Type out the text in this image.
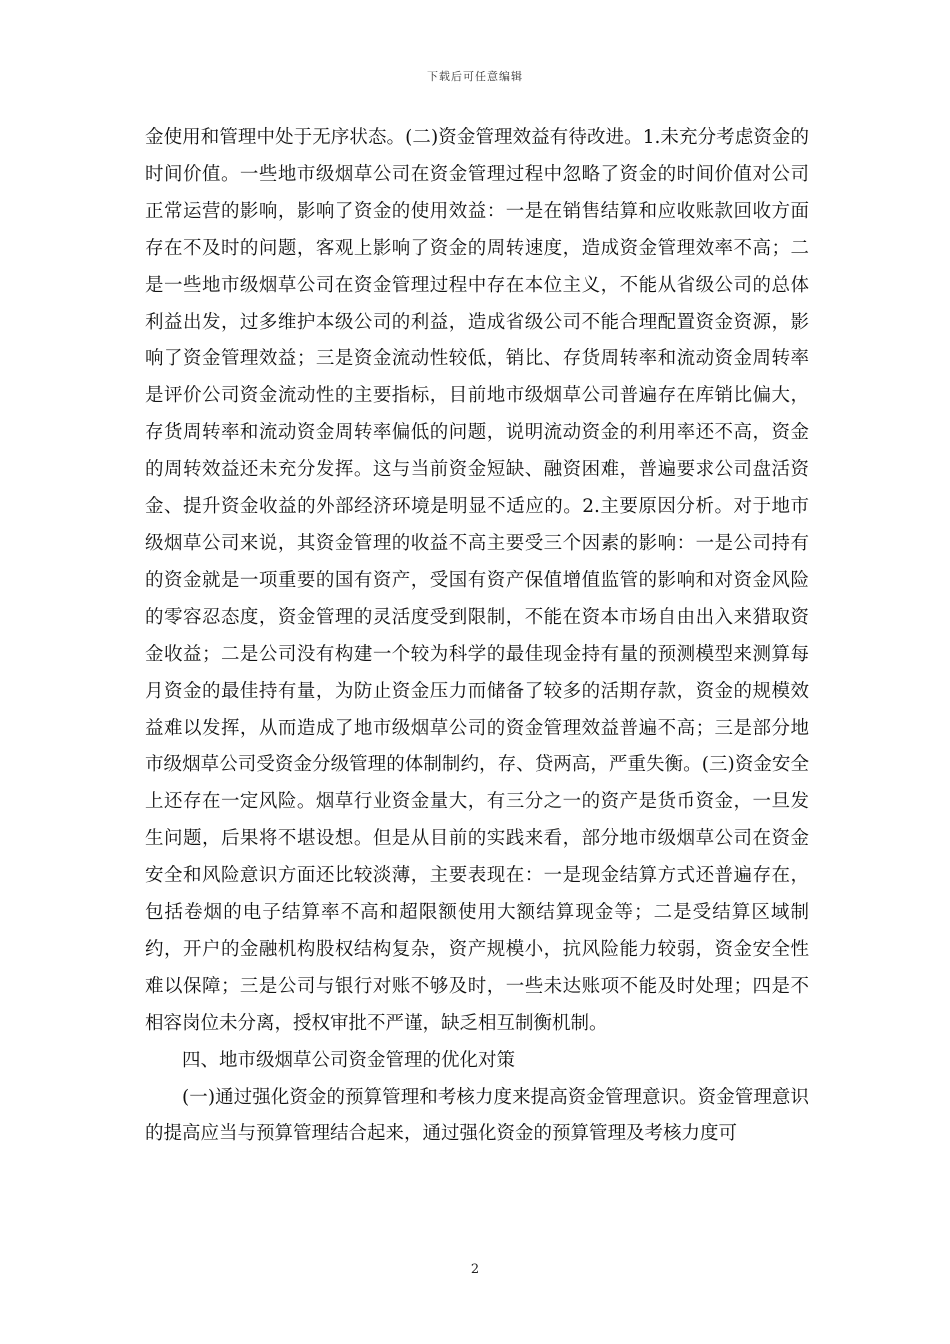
下载后可任意编辑

金使用和管理中处于无序状态。(二)资金管理效益有待改进。1.未充分考虑资金的时间价值。一些地市级烟草公司在资金管理过程中忽略了资金的时间价值对公司正常运营的影响，影响了资金的使用效益：一是在销售结算和应收账款回收方面存在不及时的问题，客观上影响了资金的周转速度，造成资金管理效率不高；二是一些地市级烟草公司在资金管理过程中存在本位主义，不能从省级公司的总体利益出发，过多维护本级公司的利益，造成省级公司不能合理配置资金资源，影响了资金管理效益；三是资金流动性较低，销比、存货周转率和流动资金周转率是评价公司资金流动性的主要指标，目前地市级烟草公司普遍存在库销比偏大，存货周转率和流动资金周转率偏低的问题，说明流动资金的利用率还不高，资金的周转效益还未充分发挥。这与当前资金短缺、融资困难，普遍要求公司盘活资金、提升资金收益的外部经济环境是明显不适应的。2.主要原因分析。对于地市级烟草公司来说，其资金管理的收益不高主要受三个因素的影响：一是公司持有的资金就是一项重要的国有资产，受国有资产保值增值监管的影响和对资金风险的零容忍态度，资金管理的灵活度受到限制，不能在资本市场自由出入来猎取资金收益；二是公司没有构建一个较为科学的最佳现金持有量的预测模型来测算每月资金的最佳持有量，为防止资金压力而储备了较多的活期存款，资金的规模效益难以发挥，从而造成了地市级烟草公司的资金管理效益普遍不高；三是部分地市级烟草公司受资金分级管理的体制制约，存、贷两高，严重失衡。(三)资金安全上还存在一定风险。烟草行业资金量大，有三分之一的资产是货币资金，一旦发生问题，后果将不堪设想。但是从目前的实践来看，部分地市级烟草公司在资金安全和风险意识方面还比较淡薄，主要表现在：一是现金结算方式还普遍存在，包括卷烟的电子结算率不高和超限额使用大额结算现金等；二是受结算区域制约，开户的金融机构股权结构复杂，资产规模小，抗风险能力较弱，资金安全性难以保障；三是公司与银行对账不够及时，一些未达账项不能及时处理；四是不相容岗位未分离，授权审批不严谨，缺乏相互制衡机制。

四、地市级烟草公司资金管理的优化对策

(一)通过强化资金的预算管理和考核力度来提高资金管理意识。资金管理意识的提高应当与预算管理结合起来，通过强化资金的预算管理及考核力度可

2
